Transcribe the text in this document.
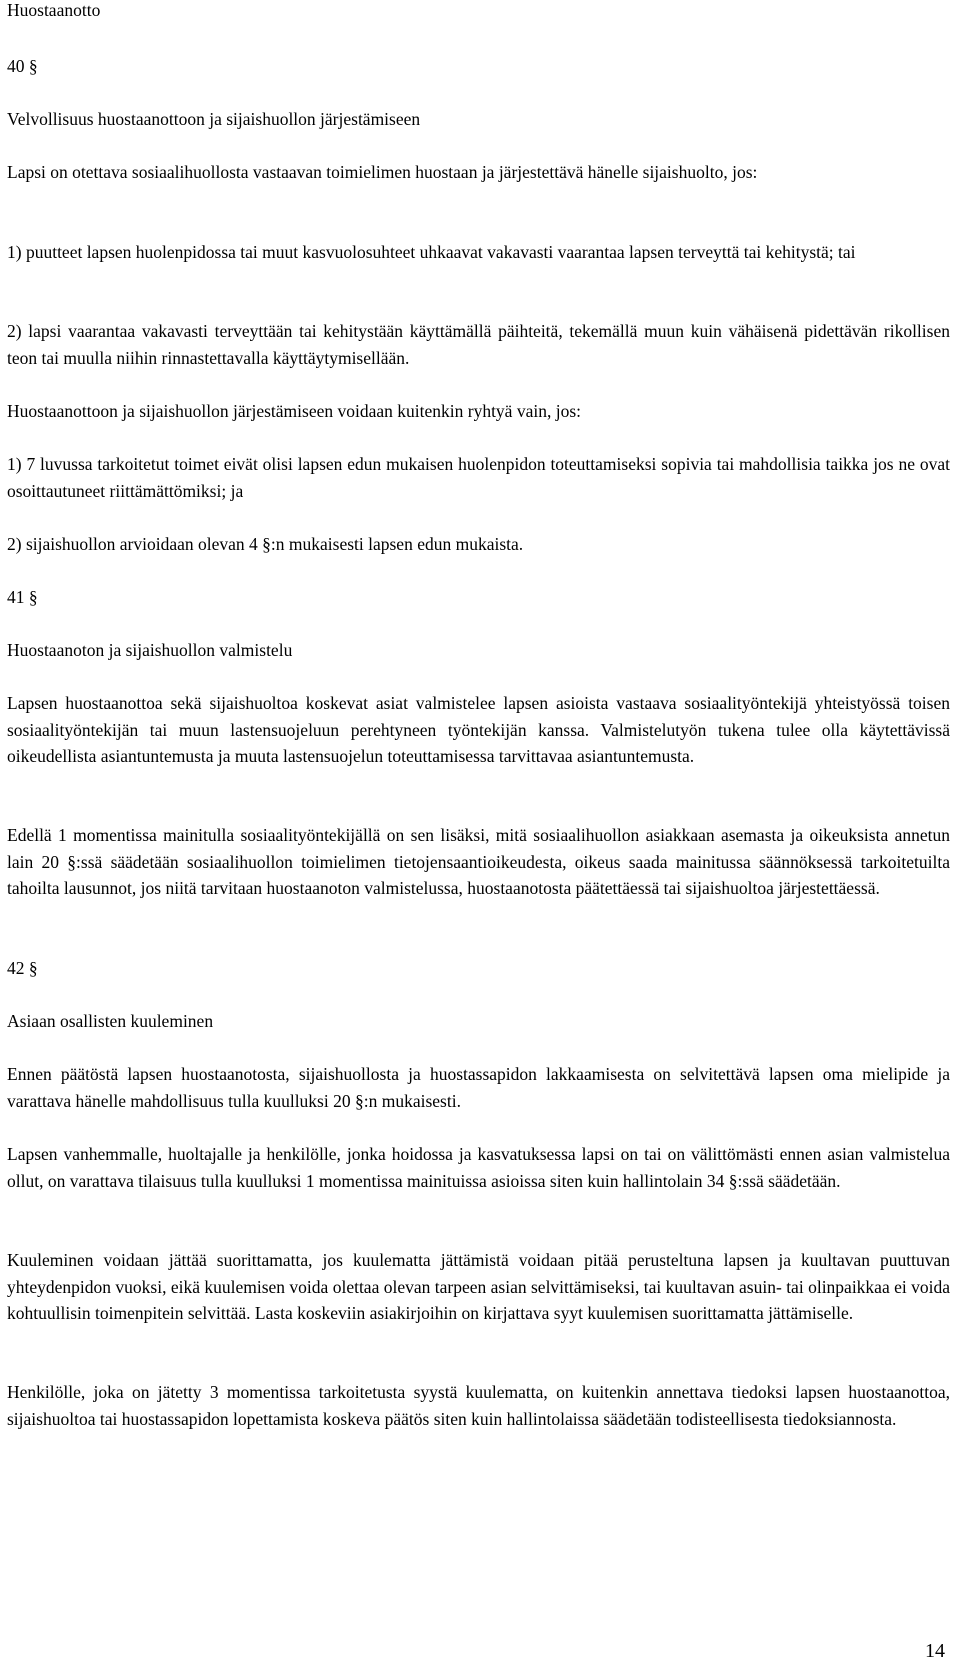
Huostaanotto

40 §

Velvollisuus huostaanottoon ja sijaishuollon järjestämiseen

Lapsi on otettava sosiaalihuollosta vastaavan toimielimen huostaan ja järjestettävä hänelle sijaishuolto, jos:

1) puutteet lapsen huolenpidossa tai muut kasvuolosuhteet uhkaavat vakavasti vaarantaa lapsen terveyttä tai kehitystä; tai

2) lapsi vaarantaa vakavasti terveyttään tai kehitystään käyttämällä päihteitä, tekemällä muun kuin vähäisenä pidettävän rikollisen teon tai muulla niihin rinnastettavalla käyttäytymisellään.

Huostaanottoon ja sijaishuollon järjestämiseen voidaan kuitenkin ryhtyä vain, jos:

1) 7 luvussa tarkoitetut toimet eivät olisi lapsen edun mukaisen huolenpidon toteuttamiseksi sopivia tai mahdollisia taikka jos ne ovat osoittautuneet riittämättömiksi; ja

2) sijaishuollon arvioidaan olevan 4 §:n mukaisesti lapsen edun mukaista.

41 §

Huostaanoton ja sijaishuollon valmistelu

Lapsen huostaanottoa sekä sijaishuoltoa koskevat asiat valmistelee lapsen asioista vastaava sosiaalityöntekijä yhteistyössä toisen sosiaalityöntekijän tai muun lastensuojeluun perehtyneen työntekijän kanssa. Valmistelutyön tukena tulee olla käytettävissä oikeudellista asiantuntemusta ja muuta lastensuojelun toteuttamisessa tarvittavaa asiantuntemusta.

Edellä 1 momentissa mainitulla sosiaalityöntekijällä on sen lisäksi, mitä sosiaalihuollon asiakkaan asemasta ja oikeuksista annetun lain 20 §:ssä säädetään sosiaalihuollon toimielimen tietojensaantioikeudesta, oikeus saada mainitussa säännöksessä tarkoitetuilta tahoilta lausunnot, jos niitä tarvitaan huostaanoton valmistelussa, huostaanotosta päätettäessä tai sijaishuoltoa järjestettäessä.

42 §

Asiaan osallisten kuuleminen

Ennen päätöstä lapsen huostaanotosta, sijaishuollosta ja huostassapidon lakkaamisesta on selvitettävä lapsen oma mielipide ja varattava hänelle mahdollisuus tulla kuulluksi 20 §:n mukaisesti.

Lapsen vanhemmalle, huoltajalle ja henkilölle, jonka hoidossa ja kasvatuksessa lapsi on tai on välittömästi ennen asian valmistelua ollut, on varattava tilaisuus tulla kuulluksi 1 momentissa mainituissa asioissa siten kuin hallintolain 34 §:ssä säädetään.

Kuuleminen voidaan jättää suorittamatta, jos kuulematta jättämistä voidaan pitää perusteltuna lapsen ja kuultavan puuttuvan yhteydenpidon vuoksi, eikä kuulemisen voida olettaa olevan tarpeen asian selvittämiseksi, tai kuultavan asuin- tai olinpaikkaa ei voida kohtuullisin toimenpitein selvittää. Lasta koskeviin asiakirjoihin on kirjattava syyt kuulemisen suorittamatta jättämiselle.

Henkilölle, joka on jätetty 3 momentissa tarkoitetusta syystä kuulematta, on kuitenkin annettava tiedoksi lapsen huostaanottoa, sijaishuoltoa tai huostassapidon lopettamista koskeva päätös siten kuin hallintolaissa säädetään todisteellisesta tiedoksiannosta.

14
